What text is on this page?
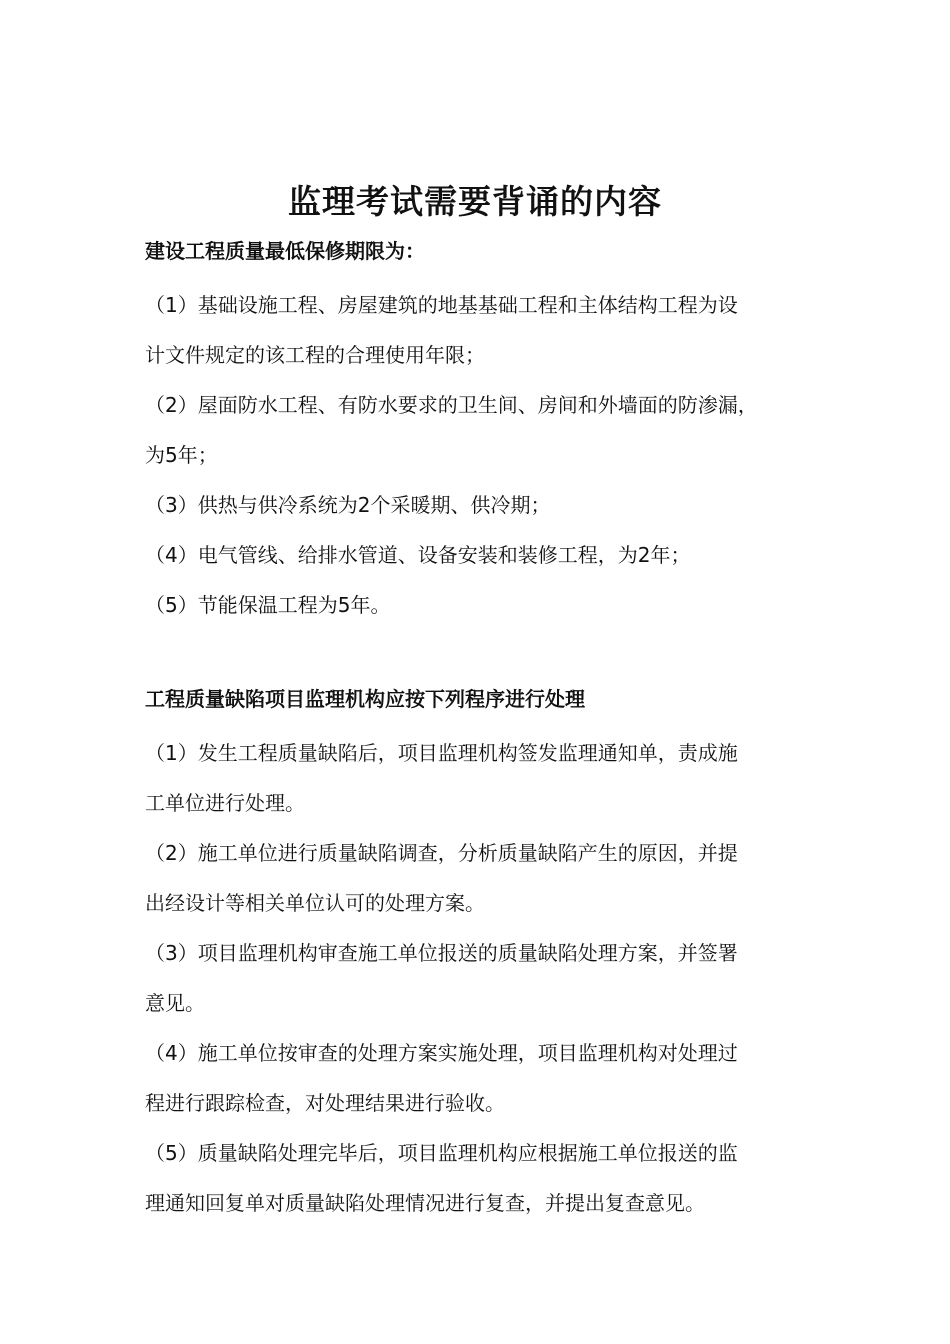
监理考试需要背诵的内容
建设工程质量最低保修期限为：

（1）基础设施工程、房屋建筑的地基基础工程和主体结构工程为设
计文件规定的该工程的合理使用年限；

（2）屋面防水工程、有防水要求的卫生间、房间和外墙面的防渗漏，
为5年；

（3）供热与供冷系统为2个采暖期、供冷期；

（4）电气管线、给排水管道、设备安装和装修工程，为2年；

（5）节能保温工程为5年。

工程质量缺陷项目监理机构应按下列程序进行处理

（1）发生工程质量缺陷后，项目监理机构签发监理通知单，责成施
工单位进行处理。

（2）施工单位进行质量缺陷调查，分析质量缺陷产生的原因，并提
出经设计等相关单位认可的处理方案。

（3）项目监理机构审查施工单位报送的质量缺陷处理方案，并签署
意见。

（4）施工单位按审查的处理方案实施处理，项目监理机构对处理过
程进行跟踪检查，对处理结果进行验收。

（5）质量缺陷处理完毕后，项目监理机构应根据施工单位报送的监
理通知回复单对质量缺陷处理情况进行复查，并提出复查意见。
